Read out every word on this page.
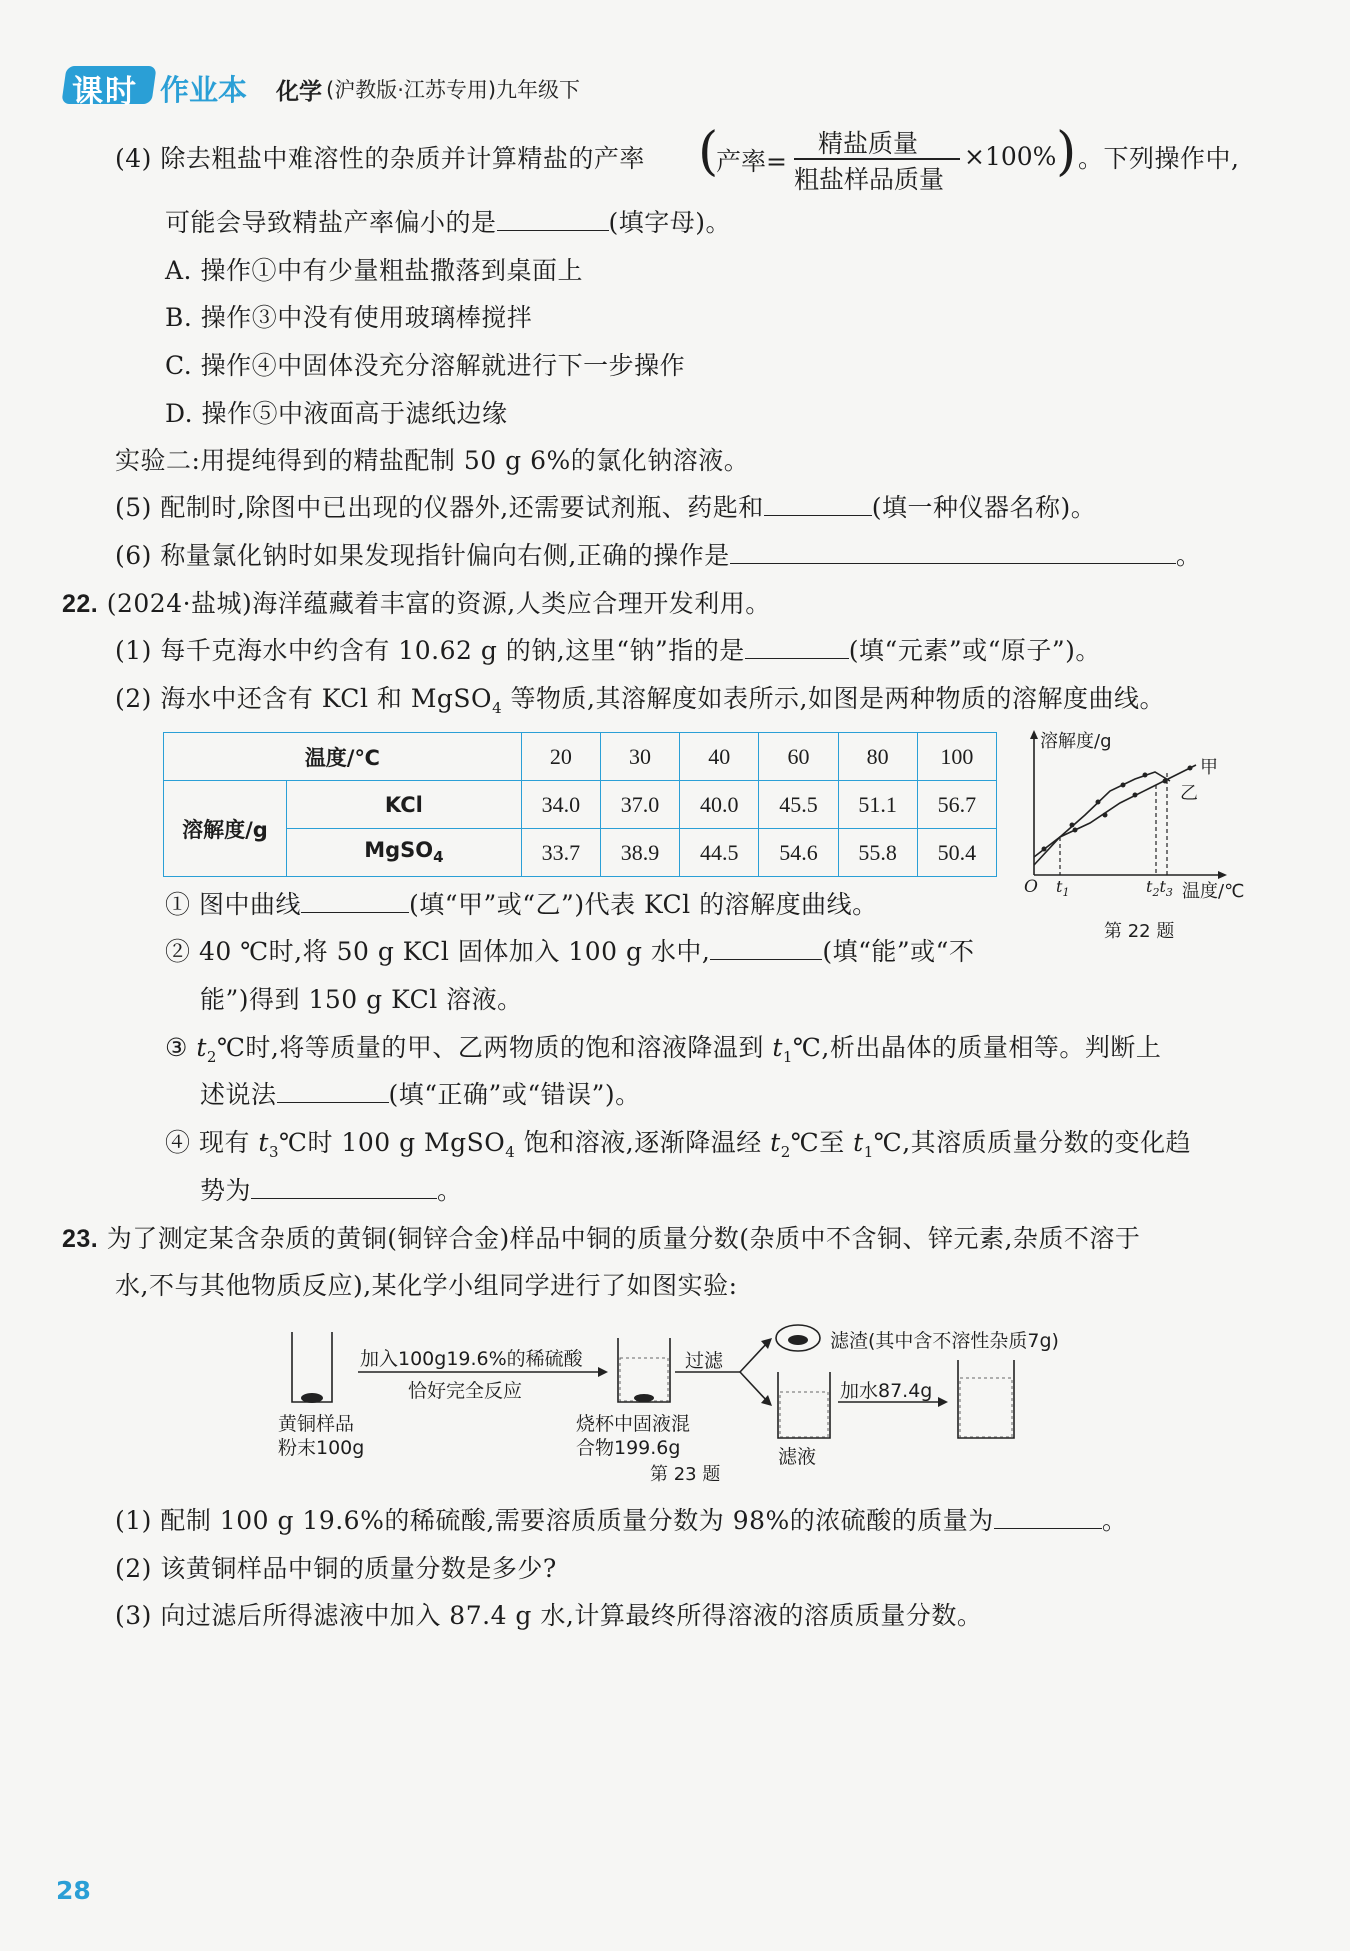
课时 作业本 化学 (沪教版·江苏专用)九年级下
(4) 除去粗盐中难溶性的杂质并计算精盐的产率 (
产率=
精盐质量
粗盐样品质量
×100% ) 。下列操作中,
可能会导致精盐产率偏小的是	(填字母)。
A. 操作①中有少量粗盐撒落到桌面上
B. 操作③中没有使用玻璃棒搅拌
C. 操作④中固体没充分溶解就进行下一步操作
D. 操作⑤中液面高于滤纸边缘
实验二:用提纯得到的精盐配制 50 g 6%的氯化钠溶液。
(5) 配制时,除图中已出现的仪器外,还需要试剂瓶、药匙和	(填一种仪器名称)。
(6) 称量氯化钠时如果发现指针偏向右侧,正确的操作是	。
22. (2024·盐城)海洋蕴藏着丰富的资源,人类应合理开发利用。
(1) 每千克海水中约含有 10.62 g 的钠,这里“钠”指的是	(填“元素”或“原子”)。
(2) 海水中还含有 KCl 和 MgSO$_4$ 等物质,其溶解度如表所示,如图是两种物质的溶解度曲线。
温度/℃		20	30	40	60	80	100
溶解度/g	KCl	34.0	37.0	40.0	45.5	51.1	56.7
	MgSO$_4$	33.7	38.9	44.5	54.6	55.8	50.4
溶解度/g
甲
乙
O $t_1$	$t_2t_3$ 温度/℃
第 22 题
① 图中曲线	(填“甲”或“乙”)代表 KCl 的溶解度曲线。
② 40 ℃时,将 50 g KCl 固体加入 100 g 水中,	(填“能”或“不
能”)得到 150 g KCl 溶液。
③ $t_2℃$时,将等质量的甲、乙两物质的饱和溶液降温到 $t_1℃$,析出晶体的质量相等。判断上
述说法	(填“正确”或“错误”)。
④ 现有 $t_3℃$时 100 g MgSO$_4$ 饱和溶液,逐渐降温经 $t_2℃$至 $t_1℃$,其溶质质量分数的变化趋
势为	。
23. 为了测定某含杂质的黄铜(铜锌合金)样品中铜的质量分数(杂质中不含铜、锌元素,杂质不溶于
水,不与其他物质反应),某化学小组同学进行了如图实验:
加入100g19.6%的稀硫酸
恰好完全反应
黄铜样品
粉末100g
烧杯中固液混
合物199.6g
过滤
滤渣(其中含不溶性杂质7g)
滤液
加水87.4g
第 23 题
(1) 配制 100 g 19.6%的稀硫酸,需要溶质质量分数为 98%的浓硫酸的质量为	。
(2) 该黄铜样品中铜的质量分数是多少?
(3) 向过滤后所得滤液中加入 87.4 g 水,计算最终所得溶液的溶质质量分数。
28
